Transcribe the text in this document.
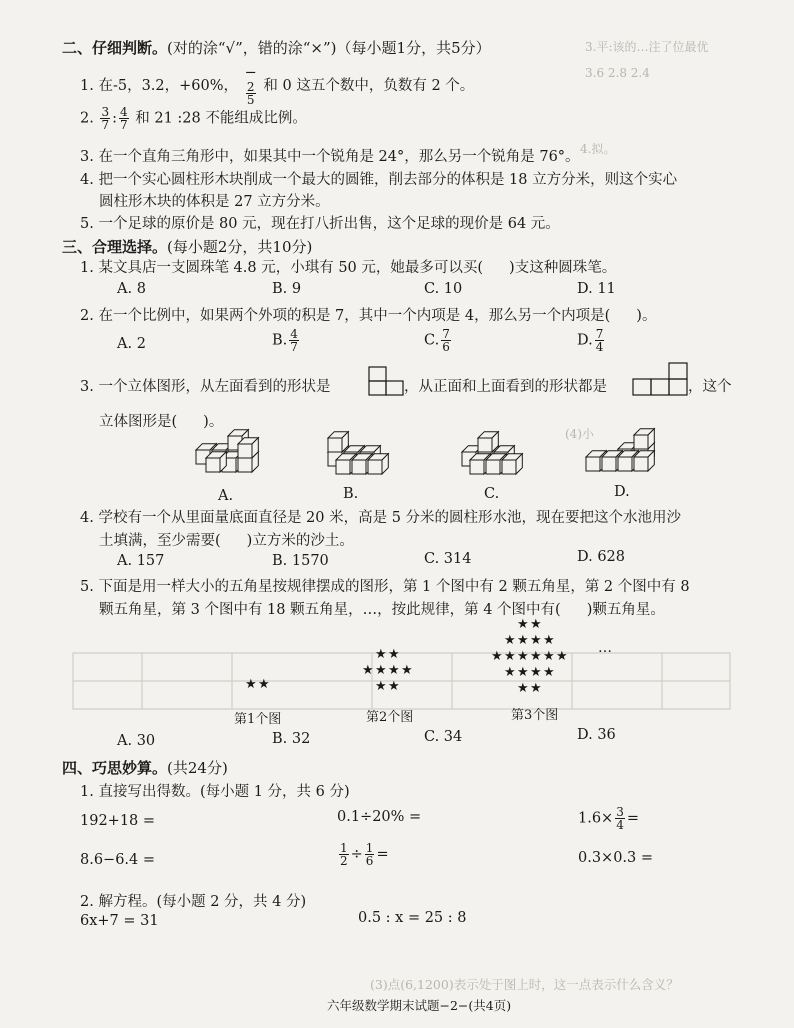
3.平:该的…注了位最优
3.6 2.8 2.4
4.拟。
(4)小
(3)点(6,1200)表示处于图上时，这一点表示什么含义？
二、仔细判断。(对的涂“√”，错的涂“×”)（每小题1分，共5分）
1. 在-5，3.2，+60%， −
$\frac{2}{5}$ 和 0 这五个数中，负数有 2 个。
2. $\frac{3}{7}$ : $\frac{4}{7}$ 和 21 :28 不能组成比例。
3. 在一个直角三角形中，如果其中一个锐角是 24°，那么另一个锐角是 76°。
4. 把一个实心圆柱形木块削成一个最大的圆锥，削去部分的体积是 18 立方分米，则这个实心
圆柱形木块的体积是 27 立方分米。
5. 一个足球的原价是 80 元，现在打八折出售，这个足球的现价是 64 元。
三、合理选择。(每小题2分，共10分)
1. 某文具店一支圆珠笔 4.8 元，小琪有 50 元，她最多可以买( )支这种圆珠笔。
A. 8	B. 9	C. 10	D. 11
2. 在一个比例中，如果两个外项的积是 7，其中一个内项是 4，那么另一个内项是( )。
A. 2	B. $\frac{4}{7}$	C. $\frac{7}{6}$	D. $\frac{7}{4}$
3. 一个立体图形，从左面看到的形状是	，从正面和上面看到的形状都是	，这个
立体图形是( )。
A.	B.	C.	D.
4. 学校有一个从里面量底面直径是 20 米，高是 5 分米的圆柱形水池，现在要把这个水池用沙
土填满，至少需要( )立方米的沙土。
A. 157	B. 1570	C. 314	D. 628
5. 下面是用一样大小的五角星按规律摆成的图形，第 1 个图中有 2 颗五角星，第 2 个图中有 8
颗五角星，第 3 个图中有 18 颗五角星，…，按此规律，第 4 个图中有( )颗五角星。
★ ★
★ ★
★ ★ ★ ★
★ ★
★ ★
★ ★ ★ ★
★ ★ ★ ★ ★ ★
★ ★ ★ ★
★ ★
…
第1个图	第2个图	第3个图
A. 30	B. 32	C. 34	D. 36
四、巧思妙算。(共24分)
1. 直接写出得数。(每小题 1 分，共 6 分)
192+18 =	0.1÷20% =	$1.6\times \frac{3}{4}$ =
8.6−6.4 =	$\frac{1}{2} \div \frac{1}{6}$ =	0.3×0.3 =
2. 解方程。(每小题 2 分，共 4 分)
6x+7 = 31	0.5 : x = 25 : 8
六年级数学期末试题−2−(共4页)
